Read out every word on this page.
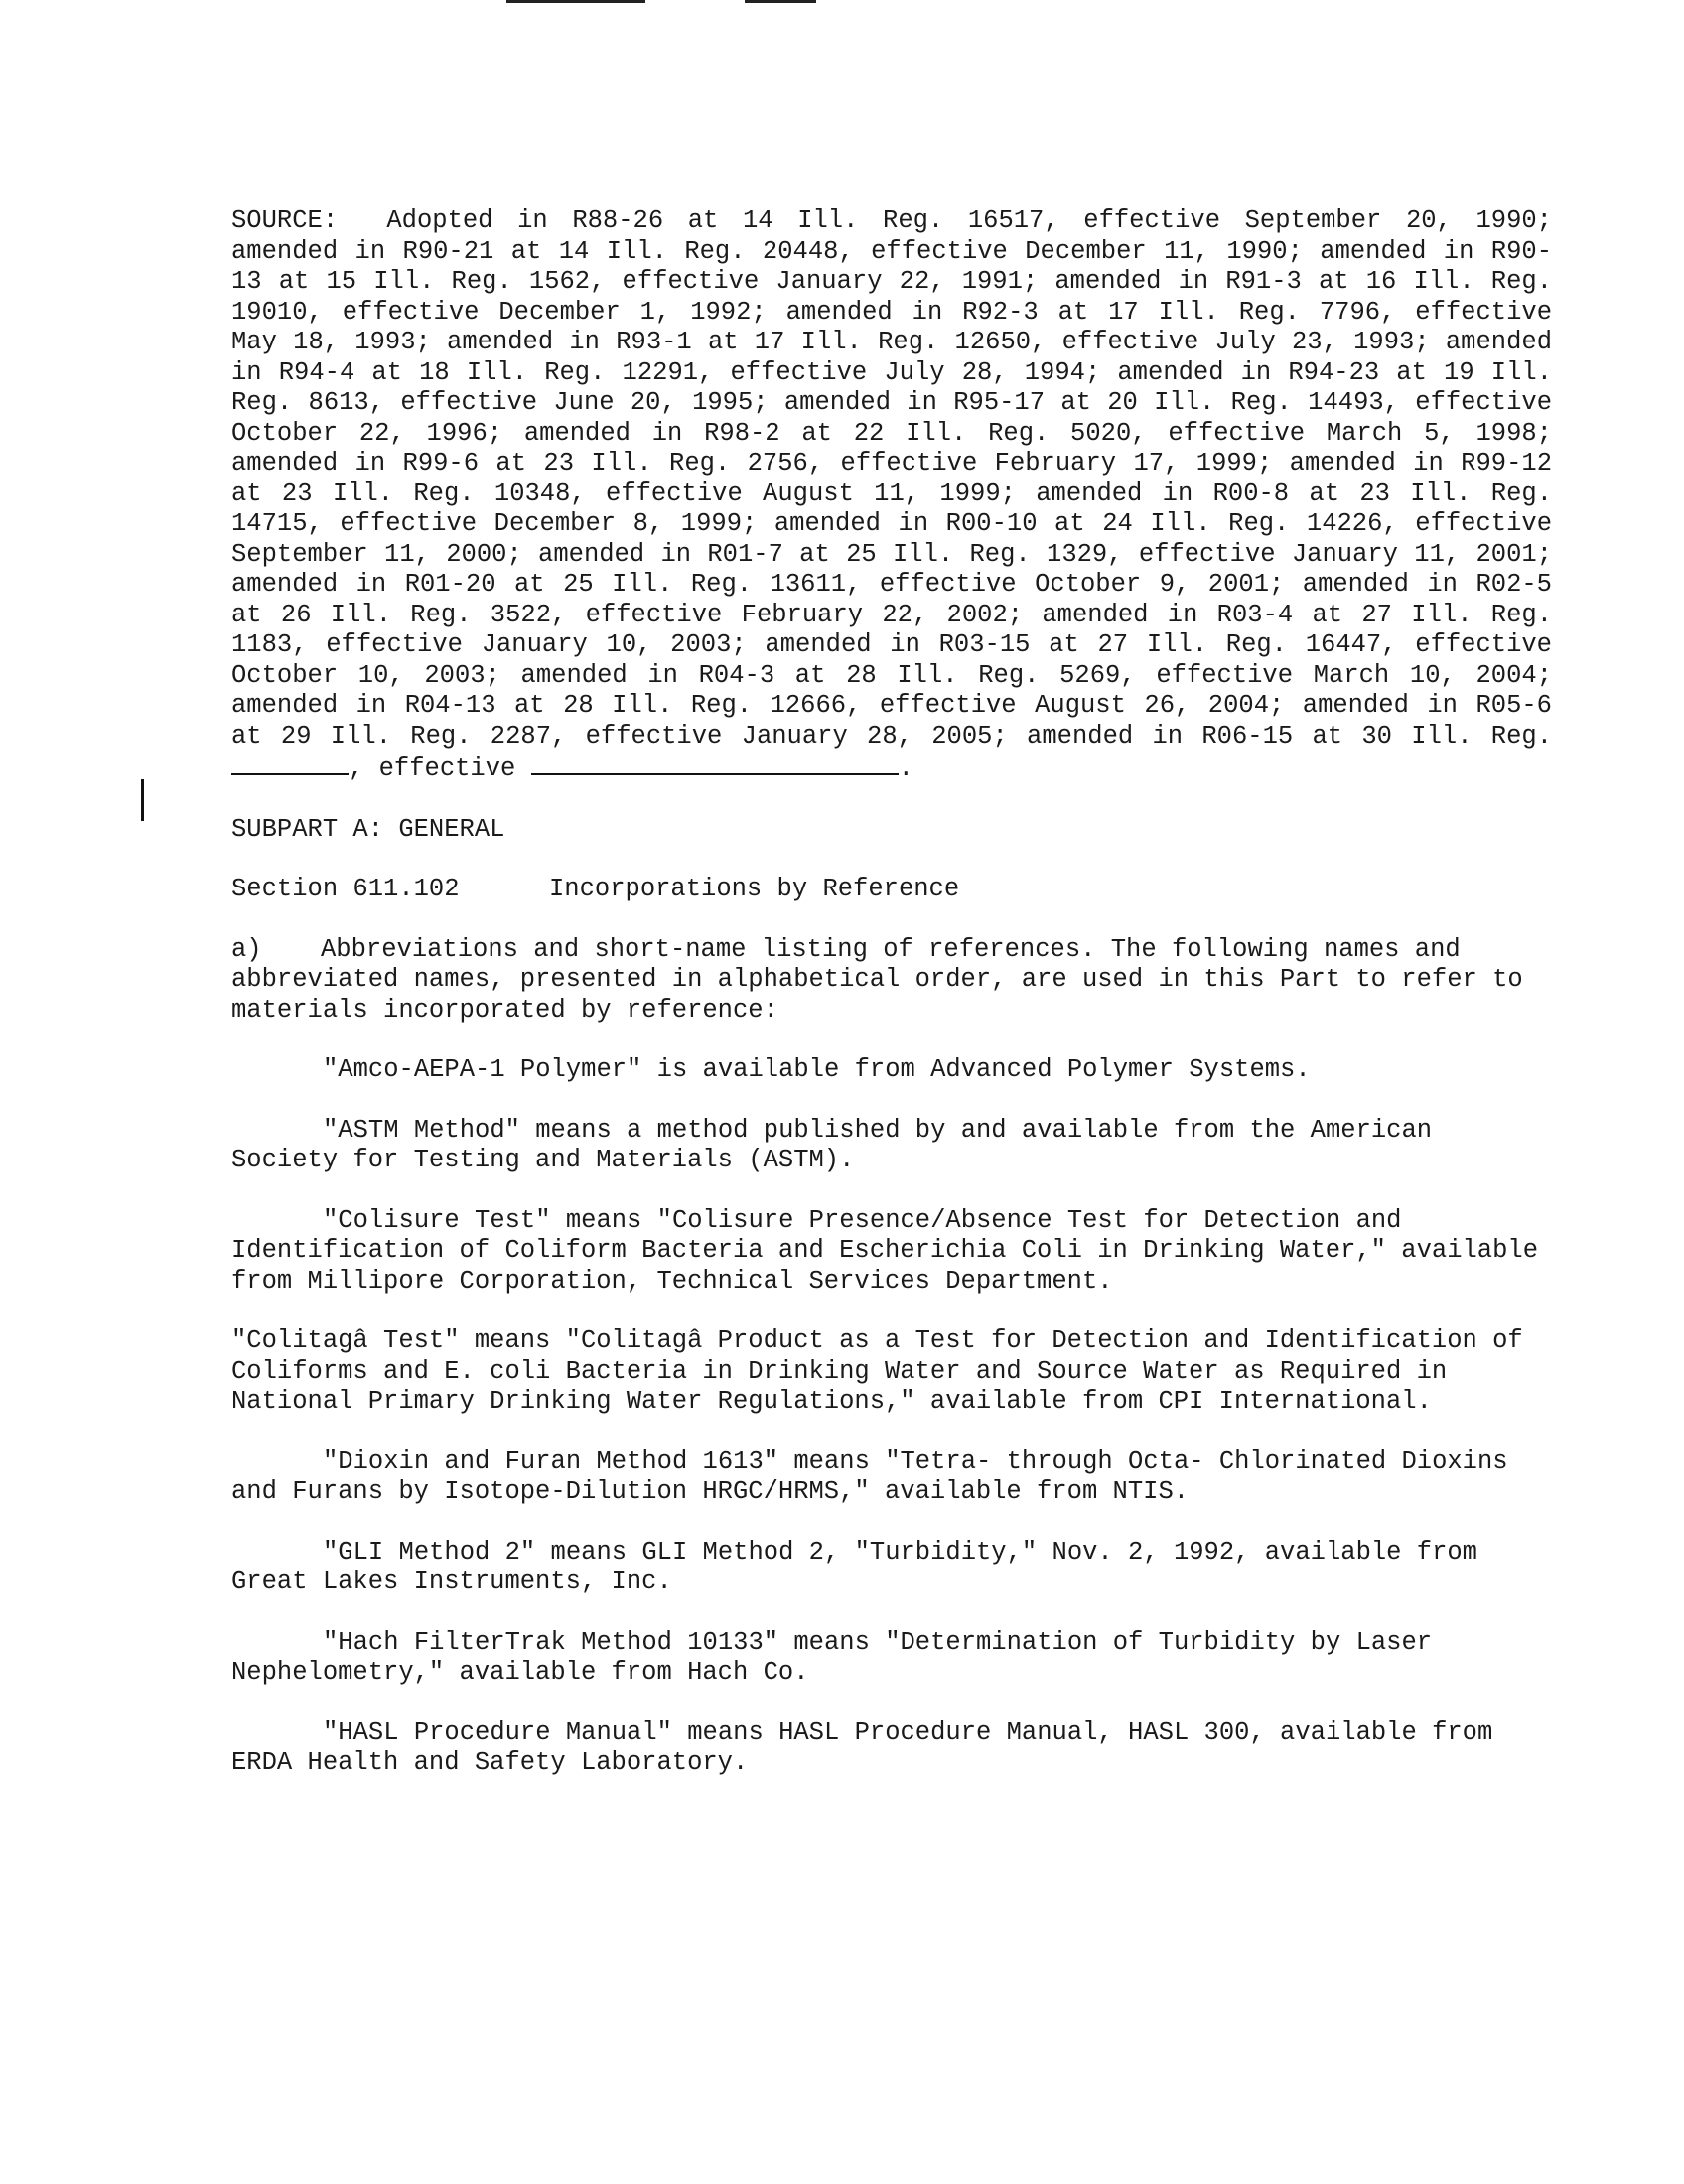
SOURCE: Adopted in R88-26 at 14 Ill. Reg. 16517, effective September 20, 1990; amended in R90-21 at 14 Ill. Reg. 20448, effective December 11, 1990; amended in R90-13 at 15 Ill. Reg. 1562, effective January 22, 1991; amended in R91-3 at 16 Ill. Reg. 19010, effective December 1, 1992; amended in R92-3 at 17 Ill. Reg. 7796, effective May 18, 1993; amended in R93-1 at 17 Ill. Reg. 12650, effective July 23, 1993; amended in R94-4 at 18 Ill. Reg. 12291, effective July 28, 1994; amended in R94-23 at 19 Ill. Reg. 8613, effective June 20, 1995; amended in R95-17 at 20 Ill. Reg. 14493, effective October 22, 1996; amended in R98-2 at 22 Ill. Reg. 5020, effective March 5, 1998; amended in R99-6 at 23 Ill. Reg. 2756, effective February 17, 1999; amended in R99-12 at 23 Ill. Reg. 10348, effective August 11, 1999; amended in R00-8 at 23 Ill. Reg. 14715, effective December 8, 1999; amended in R00-10 at 24 Ill. Reg. 14226, effective September 11, 2000; amended in R01-7 at 25 Ill. Reg. 1329, effective January 11, 2001; amended in R01-20 at 25 Ill. Reg. 13611, effective October 9, 2001; amended in R02-5 at 26 Ill. Reg. 3522, effective February 22, 2002; amended in R03-4 at 27 Ill. Reg. 1183, effective January 10, 2003; amended in R03-15 at 27 Ill. Reg. 16447, effective October 10, 2003; amended in R04-3 at 28 Ill. Reg. 5269, effective March 10, 2004; amended in R04-13 at 28 Ill. Reg. 12666, effective August 26, 2004; amended in R05-6 at 29 Ill. Reg. 2287, effective January 28, 2005; amended in R06-15 at 30 Ill. Reg. , effective	.

SUBPART A: GENERAL

Section 611.102	Incorporations by Reference

a) Abbreviations and short-name listing of references. The following names and abbreviated names, presented in alphabetical order, are used in this Part to refer to materials incorporated by reference:

"Amco-AEPA-1 Polymer" is available from Advanced Polymer Systems.

"ASTM Method" means a method published by and available from the American Society for Testing and Materials (ASTM).

"Colisure Test" means "Colisure Presence/Absence Test for Detection and Identification of Coliform Bacteria and Escherichia Coli in Drinking Water," available from Millipore Corporation, Technical Services Department.

"Colitagâ Test" means "Colitagâ Product as a Test for Detection and Identification of Coliforms and E. coli Bacteria in Drinking Water and Source Water as Required in National Primary Drinking Water Regulations," available from CPI International.

"Dioxin and Furan Method 1613" means "Tetra- through Octa- Chlorinated Dioxins and Furans by Isotope-Dilution HRGC/HRMS," available from NTIS.

"GLI Method 2" means GLI Method 2, "Turbidity," Nov. 2, 1992, available from Great Lakes Instruments, Inc.

"Hach FilterTrak Method 10133" means "Determination of Turbidity by Laser Nephelometry," available from Hach Co.

"HASL Procedure Manual" means HASL Procedure Manual, HASL 300, available from ERDA Health and Safety Laboratory.
